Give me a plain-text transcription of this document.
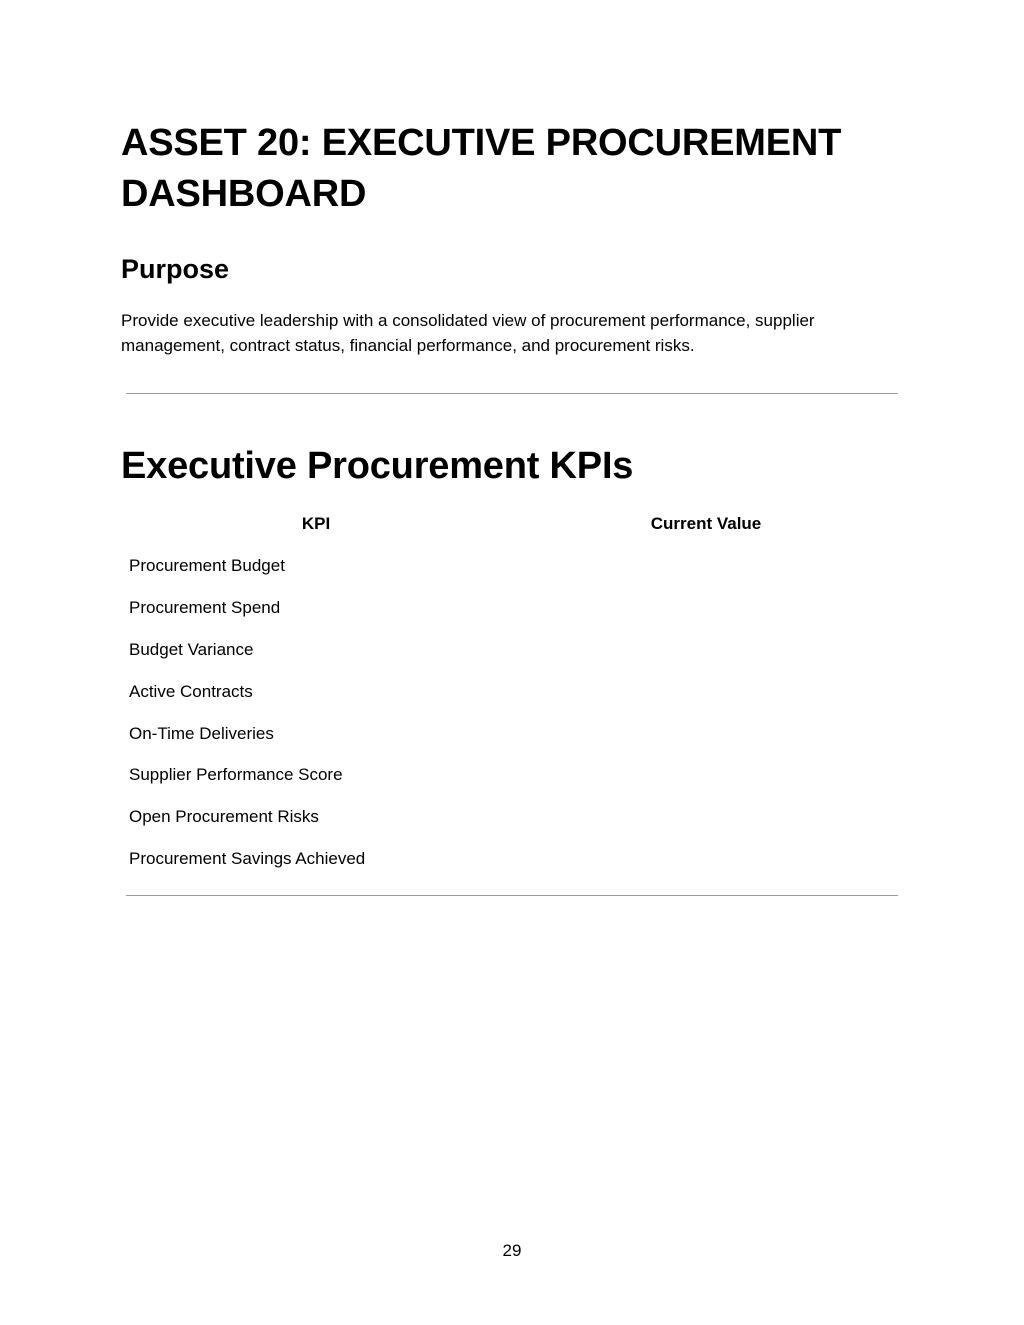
ASSET 20: EXECUTIVE PROCUREMENT DASHBOARD
Purpose

Provide executive leadership with a consolidated view of procurement performance, supplier management, contract status, financial performance, and procurement risks.

Executive Procurement KPIs
KPI	Current Value
Procurement Budget	
Procurement Spend	
Budget Variance	
Active Contracts	
On-Time Deliveries	
Supplier Performance Score	
Open Procurement Risks	
Procurement Savings Achieved	
29
